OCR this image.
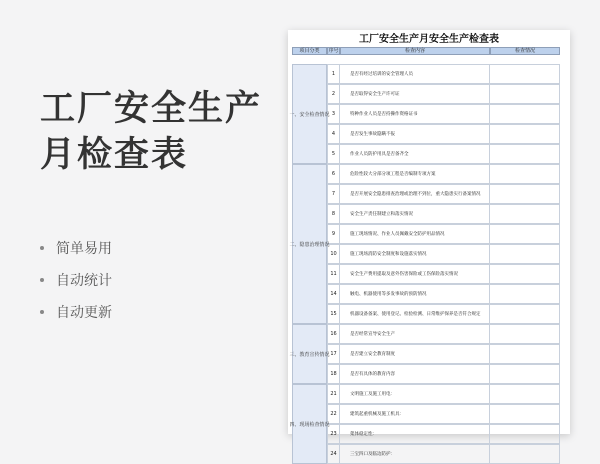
工厂安全生产月检查表
简单易用
自动统计
自动更新
工厂安全生产月安全生产检查表
项目分类	序号	检查内容	检查情况
1	是否有经过培训的安全管理人员
2	是否取得安全生产许可证
3	特种作业人员是否持操作资格证书
4	是否发生事故隐瞒不报
5	作业人员防护用具是否备齐全
一、安全检查情况
6	危险性较大分部分项工程是否编制专项方案
7	是否开展安全隐患排查治理或治理不到位，重大隐患实行备案情况
8	安全生产责任制建立和落实情况
9	施工现场情况、作业人员佩戴安全防护用品情况
10	施工现场消防安全制度和设施落实情况
11	安全生产费用提取及意外伤害保险或工伤保险落实情况
14	触电、机器使用等多发事故的预防情况
15	机器设备备案、使用登记、检验检测、日常维护保养是否符合规定
二、隐患治理情况
16	是否经常宣导安全生产
17	是否建立安全教育制度
18	是否有具体的教育内容
三、教育宣传情况
21	文明施工及施工用电：
22	建筑起重机械及施工机具：
23	架体稳定性：
24	三宝四口及临边防护：
四、现场检查情况
